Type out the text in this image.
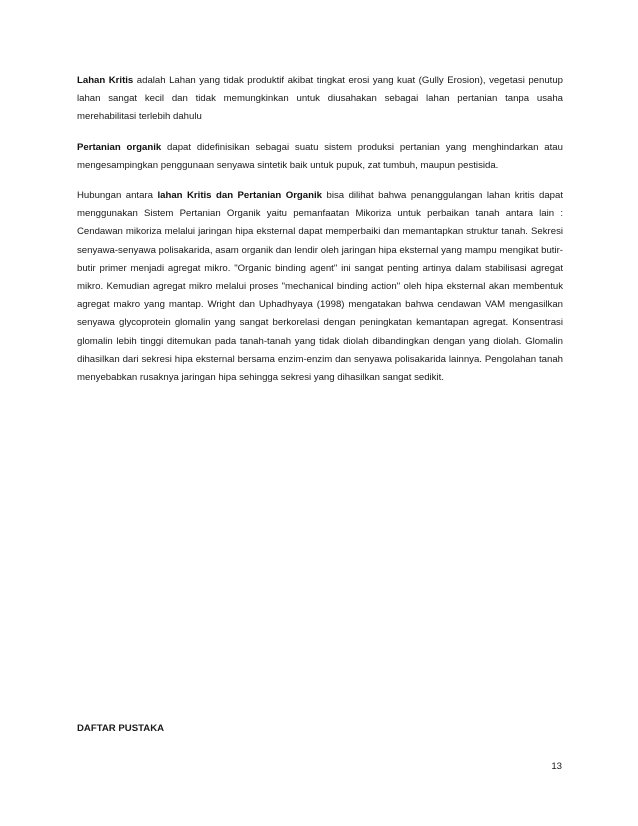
Lahan Kritis adalah Lahan yang tidak produktif akibat tingkat erosi yang kuat (Gully Erosion), vegetasi penutup lahan sangat kecil dan tidak memungkinkan untuk diusahakan sebagai lahan pertanian tanpa usaha merehabilitasi terlebih dahulu

Pertanian organik dapat didefinisikan sebagai suatu sistem produksi pertanian yang menghindarkan atau mengesampingkan penggunaan senyawa sintetik baik untuk pupuk, zat tumbuh, maupun pestisida.

Hubungan antara lahan Kritis dan Pertanian Organik bisa dilihat bahwa penanggulangan lahan kritis dapat menggunakan Sistem Pertanian Organik yaitu pemanfaatan Mikoriza untuk perbaikan tanah antara lain : Cendawan mikoriza melalui jaringan hipa eksternal dapat memperbaiki dan memantapkan struktur tanah. Sekresi senyawa-senyawa polisakarida, asam organik dan lendir oleh jaringan hipa eksternal yang mampu mengikat butir-butir primer menjadi agregat mikro. "Organic binding agent" ini sangat penting artinya dalam stabilisasi agregat mikro. Kemudian agregat mikro melalui proses "mechanical binding action" oleh hipa eksternal akan membentuk agregat makro yang mantap. Wright dan Uphadhyaya (1998) mengatakan bahwa cendawan VAM mengasilkan senyawa glycoprotein glomalin yang sangat berkorelasi dengan peningkatan kemantapan agregat. Konsentrasi glomalin lebih tinggi ditemukan pada tanah-tanah yang tidak diolah dibandingkan dengan yang diolah. Glomalin dihasilkan dari sekresi hipa eksternal bersama enzim-enzim dan senyawa polisakarida lainnya. Pengolahan tanah menyebabkan rusaknya jaringan hipa sehingga sekresi yang dihasilkan sangat sedikit.

DAFTAR PUSTAKA

13
